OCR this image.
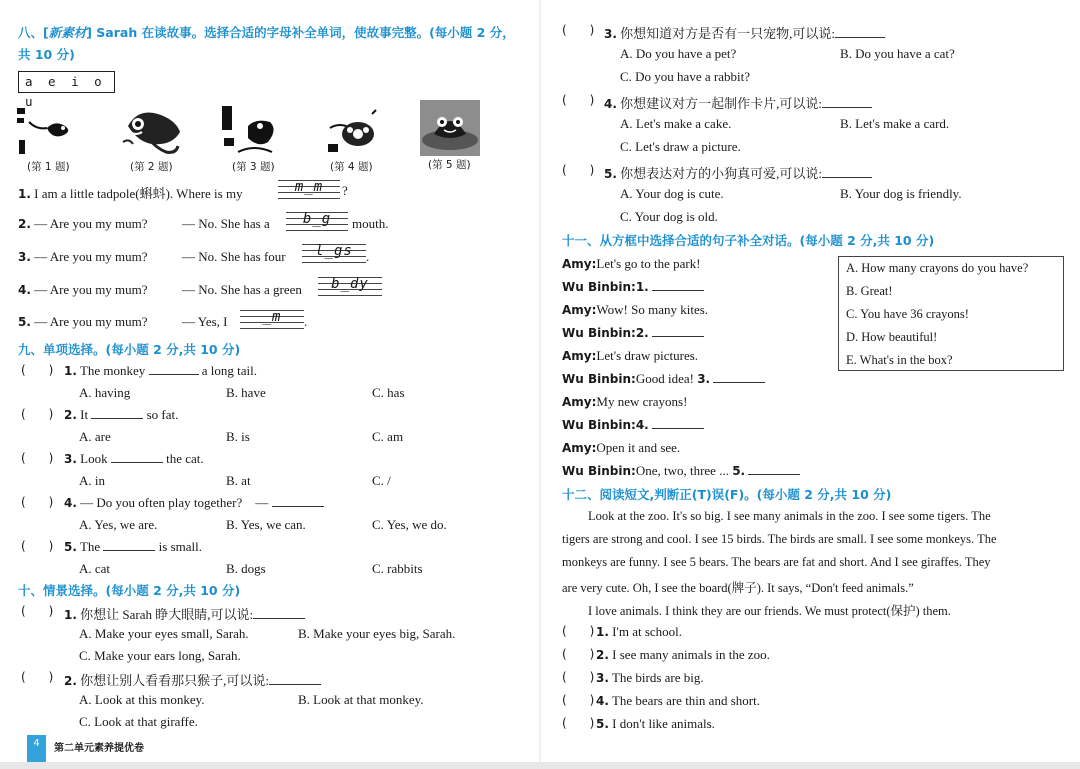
八、[新素材] Sarah 在读故事。选择合适的字母补全单词，使故事完整。(每小题 2 分，
共 10 分)
a e i o u
(第 1 题)	(第 2 题)	(第 3 题)	(第 4 题)	(第 5 题)
1. I am a little tadpole(蝌蚪). Where is my	m_m	?
2. — Are you my mum?	— No. She has a	b_g	mouth.
3. — Are you my mum?	— No. She has four	l_gs	.
4. — Are you my mum?	— No. She has a green	b_dy
5. — Are you my mum?	— Yes, I	_m	.
九、单项选择。(每小题 2 分,共 10 分)
(      ) 1. The monkey	a long tail.
A. having	B. have	C. has
(      ) 2. It	so fat.
A. are	B. is	C. am
(      ) 3. Look	the cat.
A. in	B. at	C. /
(      ) 4. — Do you often play together? —
A. Yes, we are.	B. Yes, we can.	C. Yes, we do.
(      ) 5. The	is small.
A. cat	B. dogs	C. rabbits
十、情景选择。(每小题 2 分,共 10 分)
(      ) 1. 你想让 Sarah 睁大眼睛,可以说:
A. Make your eyes small, Sarah.	B. Make your eyes big, Sarah.
C. Make your ears long, Sarah.
(      ) 2. 你想让别人看看那只猴子,可以说:
A. Look at this monkey.	B. Look at that monkey.
C. Look at that giraffe.
4	第二单元素养提优卷
(      ) 3. 你想知道对方是否有一只宠物,可以说:
A. Do you have a pet?	B. Do you have a cat?
C. Do you have a rabbit?
(      ) 4. 你想建议对方一起制作卡片,可以说:
A. Let's make a cake.	B. Let's make a card.
C. Let's draw a picture.
(      ) 5. 你想表达对方的小狗真可爱,可以说:
A. Your dog is cute.	B. Your dog is friendly.
C. Your dog is old.
十一、从方框中选择合适的句子补全对话。(每小题 2 分,共 10 分)
Amy:Let's go to the park!
Wu Binbin:1.
Amy:Wow! So many kites.
Wu Binbin:2.
Amy:Let's draw pictures.
Wu Binbin:Good idea! 3.
Amy:My new crayons!
Wu Binbin:4.
Amy:Open it and see.
Wu Binbin:One, two, three ... 5.
A. How many crayons do you have?
B. Great!
C. You have 36 crayons!
D. How beautiful!
E. What's in the box?
十二、阅读短文,判断正(T)误(F)。(每小题 2 分,共 10 分)
Look at the zoo. It's so big. I see many animals in the zoo. I see some tigers. The
tigers are strong and cool. I see 15 birds. The birds are small. I see some monkeys. The
monkeys are funny. I see 5 bears. The bears are fat and short. And I see giraffes. They
are very cute. Oh, I see the board(牌子). It says, “Don't feed animals.”
I love animals. I think they are our friends. We must protect(保护) them.
(      ) 1. I'm at school.
(      ) 2. I see many animals in the zoo.
(      ) 3. The birds are big.
(      ) 4. The bears are thin and short.
(      ) 5. I don't like animals.
